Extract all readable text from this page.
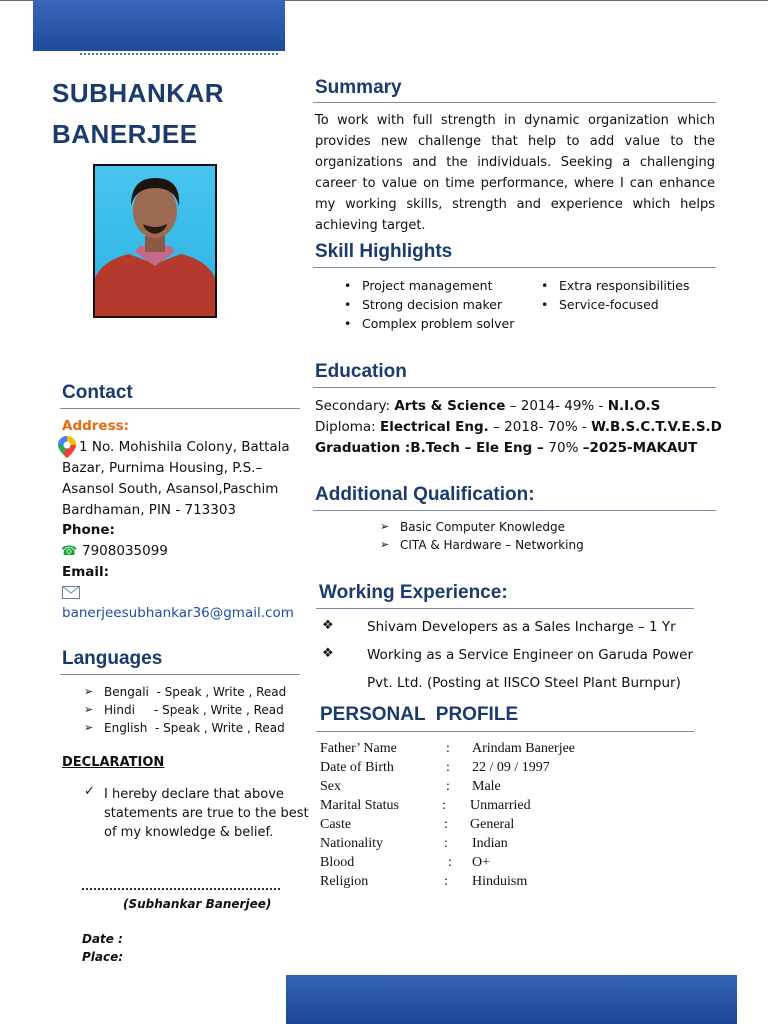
SUBHANKAR
BANERJEE
Summary
To work with full strength in dynamic organization which provides new challenge that help to add value to the organizations and the individuals. Seeking a challenging career to value on time performance, where I can enhance my working skills, strength and experience which helps achieving target.
Skill Highlights
• Project management
• Strong decision maker
• Complex problem solver
• Extra responsibilities
• Service-focused
Education
Secondary: Arts & Science – 2014- 49% - N.I.O.S
Diploma: Electrical Eng. – 2018- 70% - W.B.S.C.T.V.E.S.D
Graduation :B.Tech – Ele Eng – 70% –2025-MAKAUT
Additional Qualification:
➢ Basic Computer Knowledge
➢ CITA & Hardware – Networking
Working Experience:
❖ Shivam Developers as a Sales Incharge – 1 Yr
❖ Working as a Service Engineer on Garuda Power
Pvt. Ltd. (Posting at IISCO Steel Plant Burnpur)
PERSONAL  PROFILE
Father’ Name	: Arindam Banerjee
Date of Birth	: 22 / 09 / 1997
Sex	: Male
Marital Status	: Unmarried
Caste	: General
Nationality	: Indian
Blood	: O+
Religion	: Hinduism
Contact
Address:
1 No. Mohishila Colony, Battala
Bazar, Purnima Housing, P.S.–
Asansol South, Asansol,Paschim
Bardhaman, PIN - 713303
Phone:
☎ 7908035099
Email:
banerjeesubhankar36@gmail.com
Languages
➢ Bengali  - Speak , Write , Read
➢ Hindi     - Speak , Write , Read
➢ English  - Speak , Write , Read
DECLARATION
✓ I hereby declare that above
statements are true to the best
of my knowledge & belief.
(Subhankar Banerjee)
Date :
Place:
